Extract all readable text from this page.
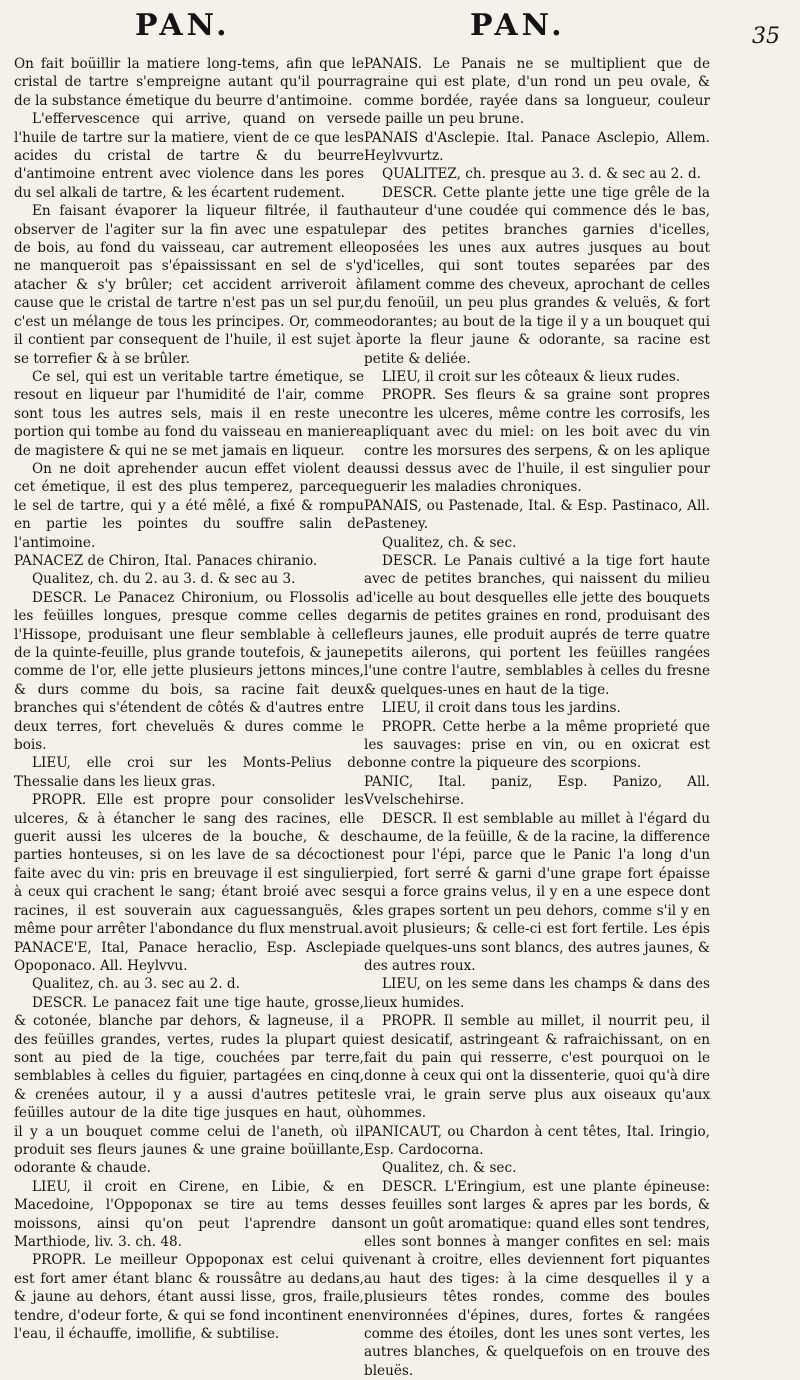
PAN.	PAN.	35

On fait boüillir la matiere long-tems, afin que le cristal de tartre s'empreigne autant qu'il pourra de la substance émetique du beurre d'antimoine.

L'effervescence qui arrive, quand on verse l'huile de tartre sur la matiere, vient de ce que les acides du cristal de tartre & du beurre d'antimoine entrent avec violence dans les pores du sel alkali de tartre, & les écartent rudement.

En faisant évaporer la liqueur filtrée, il faut observer de l'agiter sur la fin avec une espatule de bois, au fond du vaisseau, car autrement elle ne manqueroit pas s'épaississant en sel de s'y atacher & s'y brûler; cet accident arriveroit à cause que le cristal de tartre n'est pas un sel pur, c'est un mélange de tous les principes. Or, comme il contient par consequent de l'huile, il est sujet à se torrefier & à se brûler.

Ce sel, qui est un veritable tartre émetique, se resout en liqueur par l'humidité de l'air, comme sont tous les autres sels, mais il en reste une portion qui tombe au fond du vaisseau en maniere de magistere & qui ne se met jamais en liqueur.

On ne doit aprehender aucun effet violent de cet émetique, il est des plus temperez, parceque le sel de tartre, qui y a été mêlé, a fixé & rompu en partie les pointes du souffre salin de l'antimoine.

PANACEZ de Chiron, Ital. Panaces chiranio.

Qualitez, ch. du 2. au 3. d. & sec au 3.

DESCR. Le Panacez Chironium, ou Flossolis a les feüilles longues, presque comme celles de l'Hissope, produisant une fleur semblable à celle de la quinte-feuille, plus grande toutefois, & jaune comme de l'or, elle jette plusieurs jettons minces, & durs comme du bois, sa racine fait deux branches qui s'étendent de côtés & d'autres entre deux terres, fort cheveluës & dures comme le bois.

LIEU, elle croi sur les Monts-Pelius de Thessalie dans les lieux gras.

PROPR. Elle est propre pour consolider les ulceres, & à étancher le sang des racines, elle guerit aussi les ulceres de la bouche, & des parties honteuses, si on les lave de sa décoction faite avec du vin: pris en breuvage il est singulier à ceux qui crachent le sang; étant broié avec ses racines, il est souverain aux caguessanguës, & même pour arrêter l'abondance du flux menstrual.

PANACE'E, Ital, Panace heraclio, Esp. Asclepia Opoponaco. All. Heylvvu.

Qualitez, ch. au 3. sec au 2. d.

DESCR. Le panacez fait une tige haute, grosse, & cotonée, blanche par dehors, & lagneuse, il a des feüilles grandes, vertes, rudes la plupart qui sont au pied de la tige, couchées par terre, semblables à celles du figuier, partagées en cinq, & crenées autour, il y a aussi d'autres petites feüilles autour de la dite tige jusques en haut, où il y a un bouquet comme celui de l'aneth, où il produit ses fleurs jaunes & une graine boüillante, odorante & chaude.

LIEU, il croit en Cirene, en Libie, & en Macedoine, l'Oppoponax se tire au tems des moissons, ainsi qu'on peut l'aprendre dans Marthiode, liv. 3. ch. 48.

PROPR. Le meilleur Oppoponax est celui qui est fort amer étant blanc & roussâtre au dedans, & jaune au dehors, étant aussi lisse, gros, fraile, tendre, d'odeur forte, & qui se fond incontinent en l'eau, il échauffe, imollifie, & subtilise.

PANAIS. Le Panais ne se multiplient que de graine qui est plate, d'un rond un peu ovale, & comme bordée, rayée dans sa longueur, couleur de paille un peu brune.

PANAIS d'Asclepie. Ital. Panace Asclepio, Allem. Heylvvurtz.

QUALITEZ, ch. presque au 3. d. & sec au 2. d.

DESCR. Cette plante jette une tige grêle de la hauteur d'une coudée qui commence dés le bas, par des petites branches garnies d'icelles, oposées les unes aux autres jusques au bout d'icelles, qui sont toutes separées par des filament comme des cheveux, aprochant de celles du fenoüil, un peu plus grandes & veluës, & fort odorantes; au bout de la tige il y a un bouquet qui porte la fleur jaune & odorante, sa racine est petite & deliée.

LIEU, il croit sur les côteaux & lieux rudes.

PROPR. Ses fleurs & sa graine sont propres contre les ulceres, même contre les corrosifs, les apliquant avec du miel: on les boit avec du vin contre les morsures des serpens, & on les aplique aussi dessus avec de l'huile, il est singulier pour guerir les maladies chroniques.

PANAIS, ou Pastenade, Ital. & Esp. Pastinaco, All. Pasteney.

Qualitez, ch. & sec.

DESCR. Le Panais cultivé a la tige fort haute avec de petites branches, qui naissent du milieu d'icelle au bout desquelles elle jette des bouquets garnis de petites graines en rond, produisant des fleurs jaunes, elle produit auprés de terre quatre petits ailerons, qui portent les feüilles rangées l'une contre l'autre, semblables à celles du fresne & quelques-unes en haut de la tige.

LIEU, il croit dans tous les jardins.

PROPR. Cette herbe a la même proprieté que les sauvages: prise en vin, ou en oxicrat est bonne contre la piqueure des scorpions.

PANIC, Ital. paniz, Esp. Panizo, All. Vvelschehirse.

DESCR. Il est semblable au millet à l'égard du chaume, de la feüille, & de la racine, la difference est pour l'épi, parce que le Panic l'a long d'un pied, fort serré & garni d'une grape fort épaisse qui a force grains velus, il y en a une espece dont les grapes sortent un peu dehors, comme s'il y en avoit plusieurs; & celle-ci est fort fertile. Les épis de quelques-uns sont blancs, des autres jaunes, & des autres roux.

LIEU, on les seme dans les champs & dans des lieux humides.

PROPR. Il semble au millet, il nourrit peu, il est desicatif, astringeant & rafraichissant, on en fait du pain qui resserre, c'est pourquoi on le donne à ceux qui ont la dissenterie, quoi qu'à dire le vrai, le grain serve plus aux oiseaux qu'aux hommes.

PANICAUT, ou Chardon à cent têtes, Ital. Iringio, Esp. Cardocorna.

Qualitez, ch. & sec.

DESCR. L'Eringium, est une plante épineuse: ses feuilles sont larges & apres par les bords, & ont un goût aromatique: quand elles sont tendres, elles sont bonnes à manger confites en sel: mais venant à croitre, elles deviennent fort piquantes au haut des tiges: à la cime desquelles il y a plusieurs têtes rondes, comme des boules environnées d'épines, dures, fortes & rangées comme des étoiles, dont les unes sont vertes, les autres blanches, & quelquefois on en trouve des bleuës.
